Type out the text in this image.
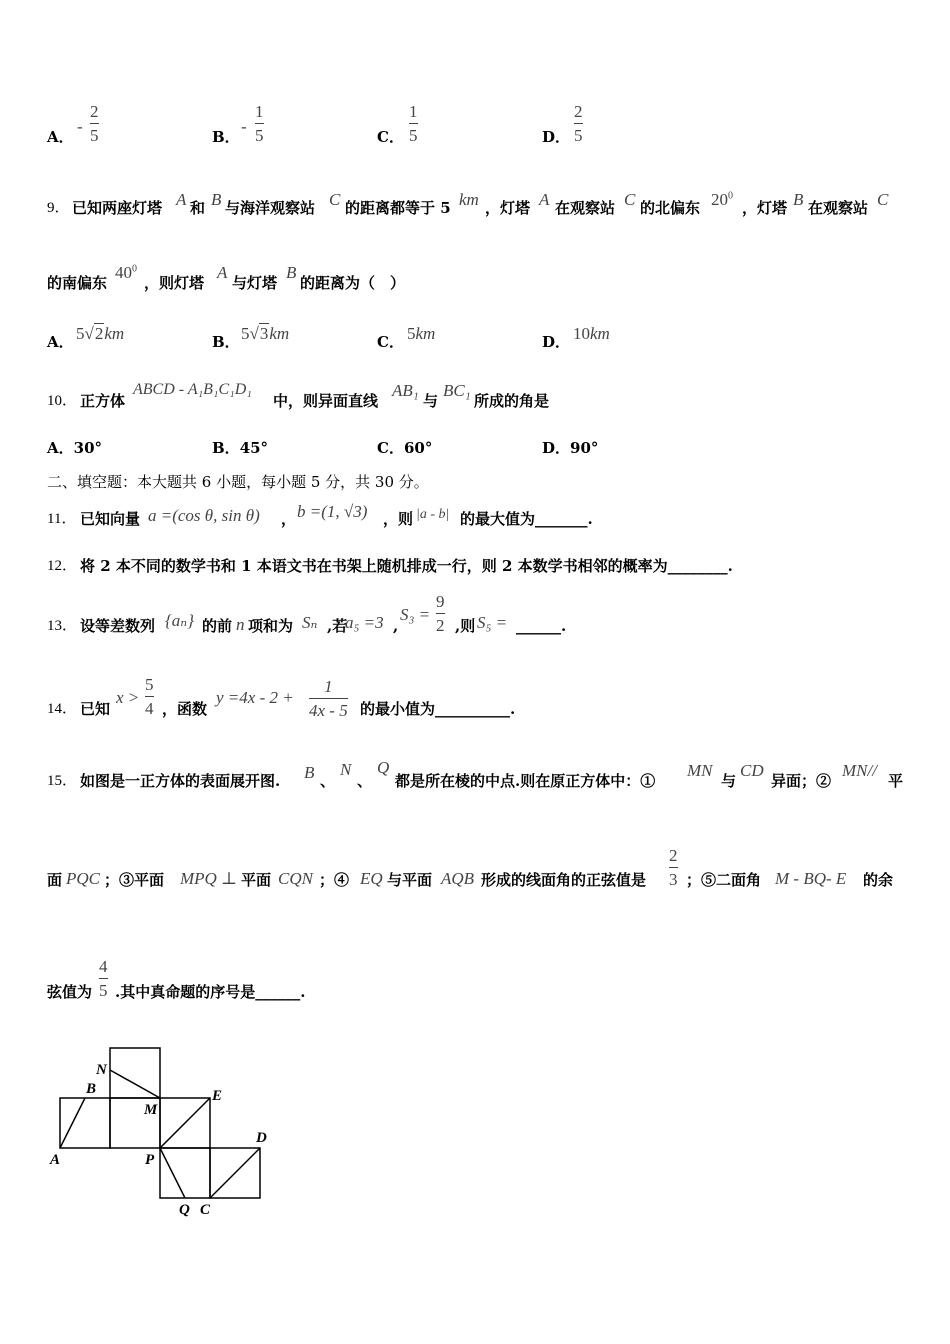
A．
-
2
5	B．
-
1
5	C．
1
5	D．
2
5
9． 已知两座灯塔 A 和 B 与海洋观察站 C 的距离都等于 5 km ，灯塔 A 在观察站 C 的北偏东 $20^0$
，灯塔 B 在观察站 C
的南偏东
$40^0$
，则灯塔
A
与灯塔
B
的距离为（　）
A． 5√2km	B． 5√3km	C． 5km	D． 10km
10． 正方体
ABCD - A₁B₁C₁D₁
中，则异面直线
AB₁
与
BC₁
所成的角是
A．30°	B．45°	C．60°	D．90°
二、填空题：本大题共 6 小题，每小题 5 分，共 30 分。
11． 已知向量 a =(cos θ, sin θ) ， b =(1, √3) ，则 |a - b| 的最大值为_______.
12． 将 2 本不同的数学书和 1 本语文书在书架上随机排成一行，则 2 本数学书相邻的概率为________.
13． 设等差数列 {aₙ} 的前 n 项和为 Sₙ ,若
a₅ =3 ,
S₃ =
9
2 ,则 S₅ = ______.
14． 已知
x >
5
4 ，函数
y =4x - 2 +
1
4x - 5 的最小值为__________.
15． 如图是一正方体的表面展开图. B 、
N
、
Q
都是所在棱的中点.则在原正方体中：①
MN
与
CD
异面；②
MN//
平
面 PQC ；③平面 MPQ ⊥ 平面 CQN ；④ EQ 与平面 AQB 形成的线面角的正弦值是
2
3 ；⑤二面角 M - BQ- E 的余
弦值为
4
5 .其中真命题的序号是______.
N
B
M
E
A	P
D
Q C
